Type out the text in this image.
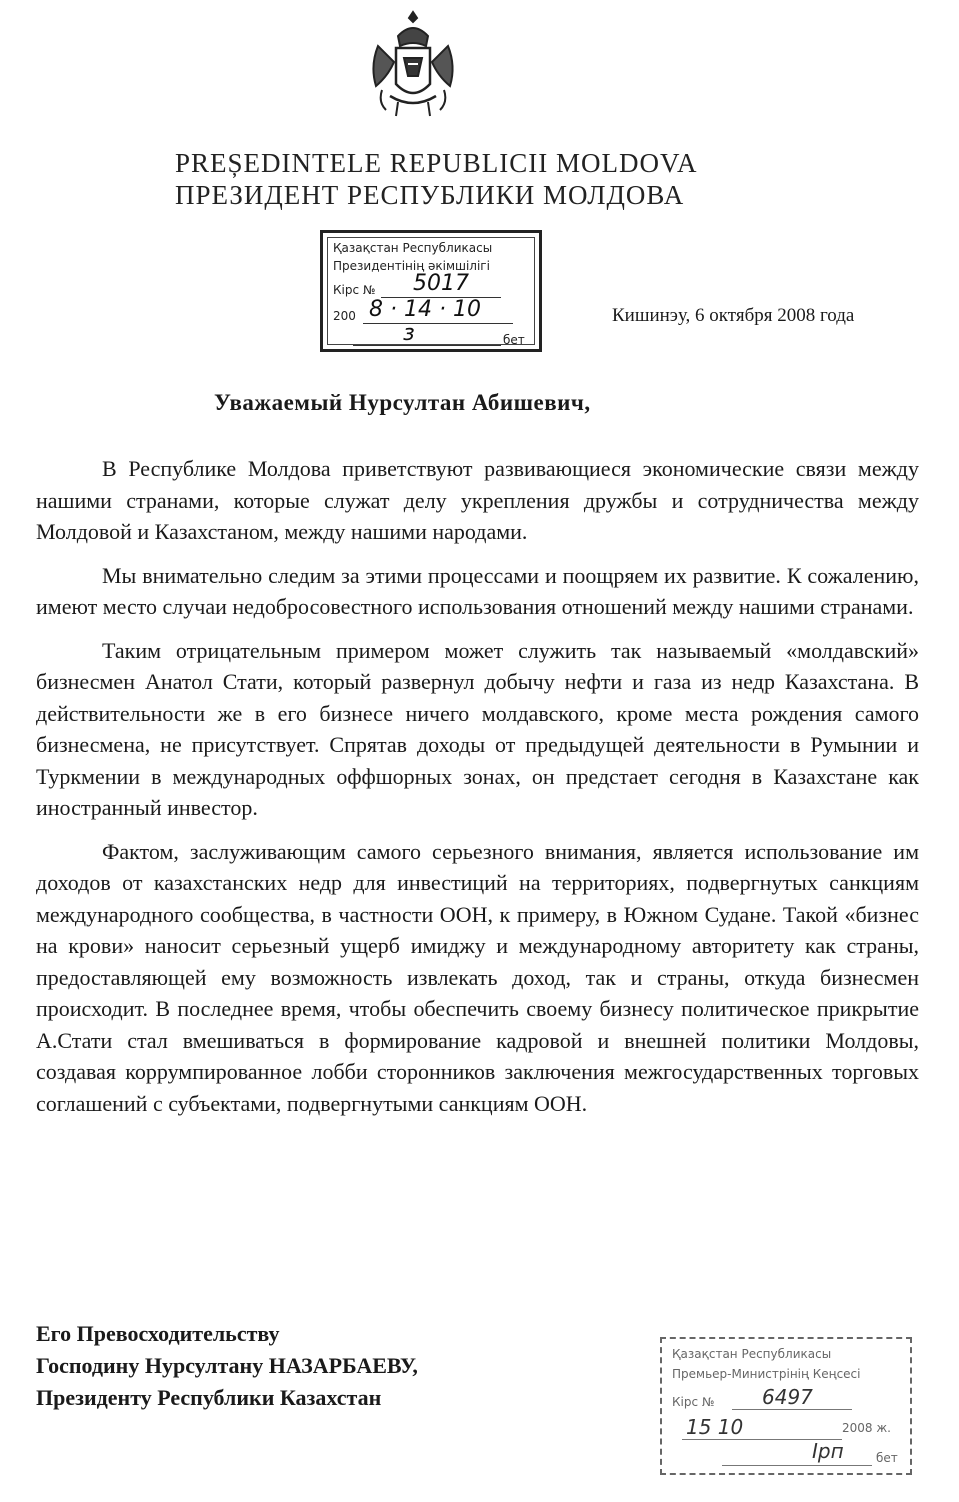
PREȘEDINTELE REPUBLICII MOLDOVA
ПРЕЗИДЕНТ РЕСПУБЛИКИ МОЛДОВА
Қазақстан Республикасы
Президентінің әкімшілігі
Кірс № 5017
200 8 · 14 · 10
з	бет
Кишинэу, 6 октября 2008 года
Уважаемый Нурсултан Абишевич,

В Республике Молдова приветствуют развивающиеся экономические связи между нашими странами, которые служат делу укрепления дружбы и сотрудничества между Молдовой и Казахстаном, между нашими народами.

Мы внимательно следим за этими процессами и поощряем их развитие. К сожалению, имеют место случаи недобросовестного использования отношений между нашими странами.

Таким отрицательным примером может служить так называемый «молдавский» бизнесмен Анатол Стати, который развернул добычу нефти и газа из недр Казахстана. В действительности же в его бизнесе ничего молдавского, кроме места рождения самого бизнесмена, не присутствует. Спрятав доходы от предыдущей деятельности в Румынии и Туркмении в международных оффшорных зонах, он предстает сегодня в Казахстане как иностранный инвестор.

Фактом, заслуживающим самого серьезного внимания, является использование им доходов от казахстанских недр для инвестиций на территориях, подвергнутых санкциям международного сообщества, в частности ООН, к примеру, в Южном Судане. Такой «бизнес на крови» наносит серьезный ущерб имиджу и международному авторитету как страны, предоставляющей ему возможность извлекать доход, так и страны, откуда бизнесмен происходит. В последнее время, чтобы обеспечить своему бизнесу политическое прикрытие А.Стати стал вмешиваться в формирование кадровой и внешней политики Молдовы, создавая коррумпированное лобби сторонников заключения межгосударственных торговых соглашений с субъектами, подвергнутыми санкциям ООН.

Его Превосходительству
Господину Нурсултану НАЗАРБАЕВУ,
Президенту Республики Казахстан
Қазақстан Республикасы
Премьер-Министрінің Кеңсесі
Кірс № 6497
15 10	2008 ж.
Ірп	бет
